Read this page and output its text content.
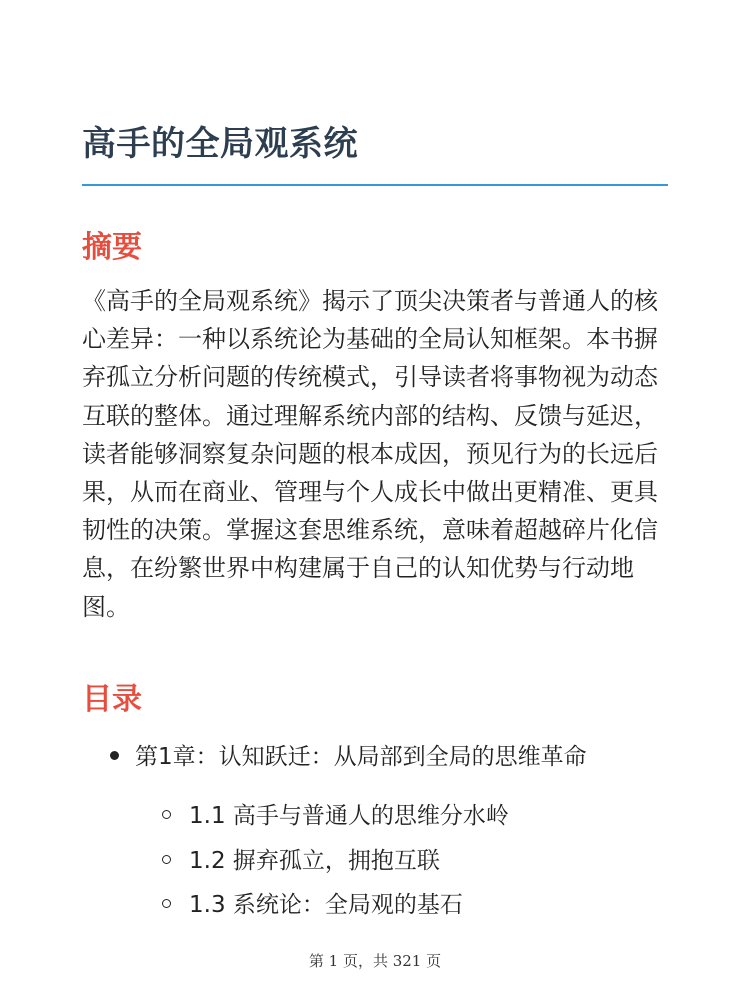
高手的全局观系统
摘要

《高手的全局观系统》揭示了顶尖决策者与普通人的核心差异：一种以系统论为基础的全局认知框架。本书摒弃孤立分析问题的传统模式，引导读者将事物视为动态互联的整体。通过理解系统内部的结构、反馈与延迟，读者能够洞察复杂问题的根本成因，预见行为的长远后果，从而在商业、管理与个人成长中做出更精准、更具韧性的决策。掌握这套思维系统，意味着超越碎片化信息，在纷繁世界中构建属于自己的认知优势与行动地图。

目录
第1章：认知跃迁：从局部到全局的思维革命
1.1 高手与普通人的思维分水岭
1.2 摒弃孤立，拥抱互联
1.3 系统论：全局观的基石
第 1 页，共 321 页
